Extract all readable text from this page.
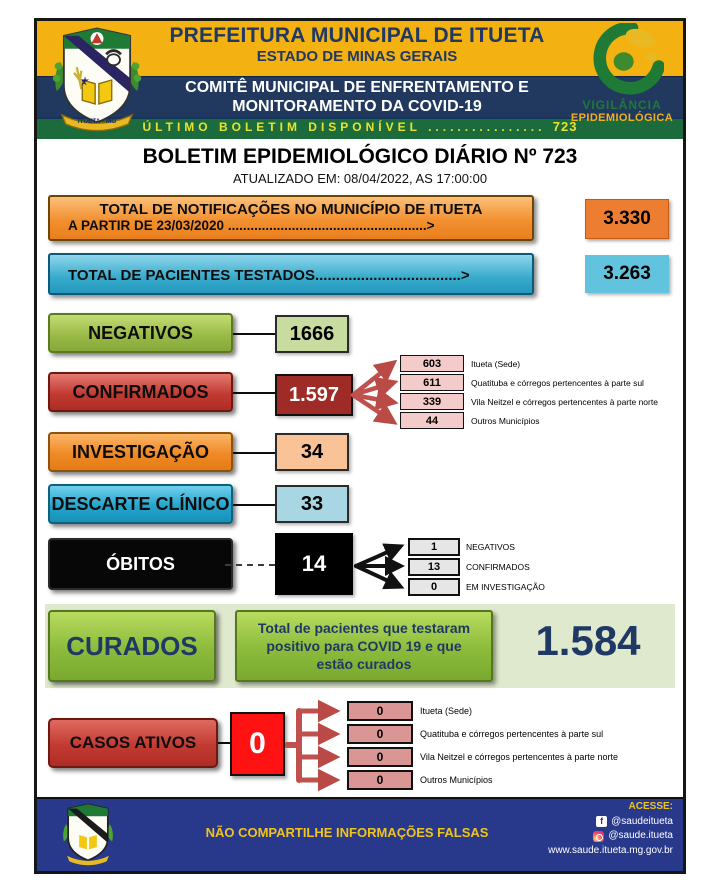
ITUETA - MG
VIGILÂNCIA
EPIDEMIOLÓGICA
PREFEITURA MUNICIPAL DE ITUETA
ESTADO DE MINAS GERAIS
COMITÊ MUNICIPAL DE ENFRENTAMENTO E
MONITORAMENTO DA COVID-19
ÚLTIMO BOLETIM DISPONÍVEL ................ 723
BOLETIM EPIDEMIOLÓGICO DIÁRIO Nº 723
ATUALIZADO EM: 08/04/2022, AS 17:00:00
TOTAL DE NOTIFICAÇÕES NO MUNICÍPIO DE ITUETA
A PARTIR DE 23/03/2020 .....................................................>	3.330
TOTAL DE PACIENTES TESTADOS...................................>	3.263
NEGATIVOS	1666
CONFIRMADOS	1.597
603	Itueta (Sede)
611	Quatituba e córregos pertencentes à parte sul
339	Vila Neitzel e córregos pertencentes à parte norte
44	Outros Municípios
INVESTIGAÇÃO	34
DESCARTE CLÍNICO	33
ÓBITOS	14
1	NEGATIVOS
13	CONFIRMADOS
0	EM INVESTIGAÇÃO
CURADOS
Total de pacientes que testaram positivo para COVID 19 e que estão curados	1.584
CASOS ATIVOS	0
0	Itueta (Sede)
0	Quatituba e córregos pertencentes à parte sul
0	Vila Neitzel e córregos pertencentes à parte norte
0	Outros Municípios
NÃO COMPARTILHE INFORMAÇÕES FALSAS
ACESSE:
f @saudeitueta
@saude.itueta
www.saude.itueta.mg.gov.br
